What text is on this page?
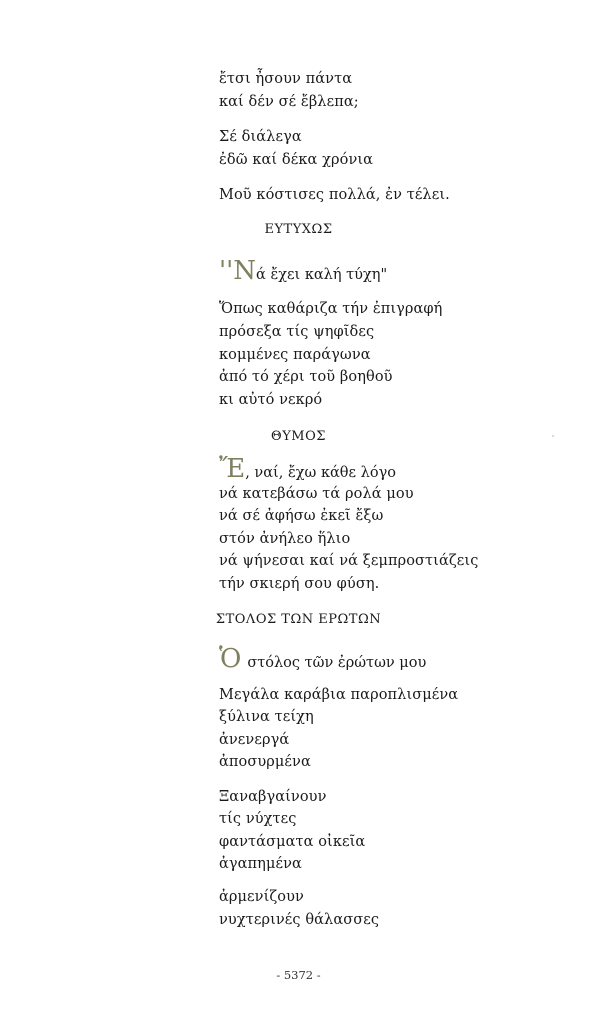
ἔτσι ἦσουν πάντα
καί δέν σέ ἔβλεπα;
Σέ διάλεγα
ἐδῶ καί δέκα χρόνια
Μοῦ κόστισες πολλά, ἐν τέλει.
ΕΥΤΥΧΩΣ
''Νά ἔχει καλή τύχη"
Ὅπως καθάριζα τήν ἐπιγραφή
πρόσεξα τίς ψηφῖδες
κομμένες παράγωνα
ἀπό τό χέρι τοῦ βοηθοῦ
κι αὐτό νεκρό
ΘΥΜΟΣ
Ἔ, ναί, ἔχω κάθε λόγο
νά κατεβάσω τά ρολά μου
νά σέ ἀφήσω ἐκεῖ ἔξω
στόν ἀνήλεο ἥλιο
νά ψήνεσαι καί νά ξεμπροστιάζεις
τήν σκιερή σου φύση.
ΣΤΟΛΟΣ ΤΩΝ ΕΡΩΤΩΝ
Ὁστόλος τῶν ἐρώτων μου
Μεγάλα καράβια παροπλισμένα
ξύλινα τείχη
ἀνενεργά
ἀποσυρμένα
Ξαναβγαίνουν
τίς νύχτες
φαντάσματα οἰκεῖα
ἀγαπημένα
ἀρμενίζουν
νυχτερινές θάλασσες
- 5372 -
